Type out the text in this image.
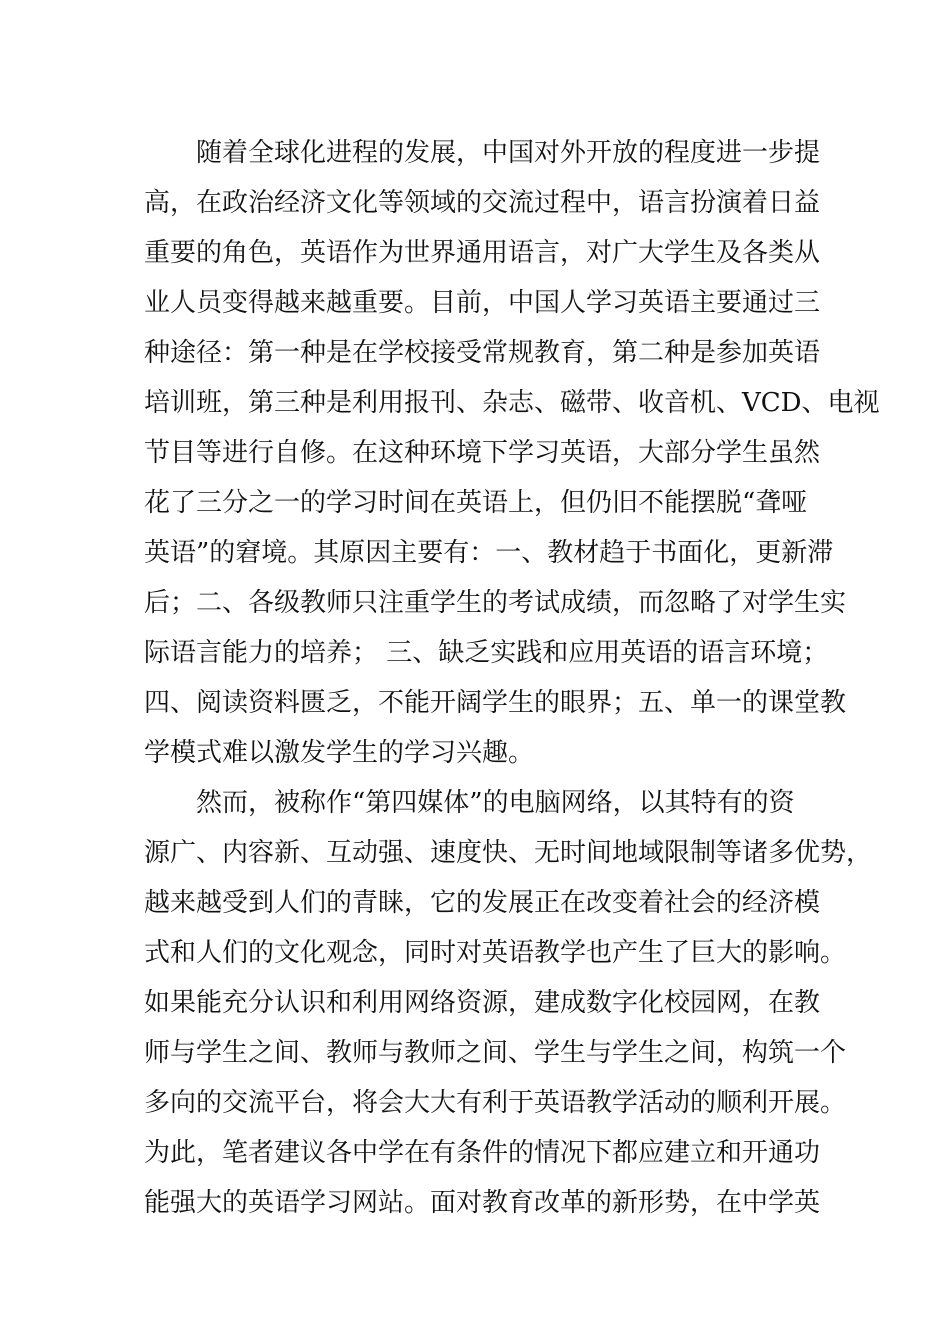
随着全球化进程的发展，中国对外开放的程度进一步提
高，在政治经济文化等领域的交流过程中，语言扮演着日益
重要的角色，英语作为世界通用语言，对广大学生及各类从
业人员变得越来越重要。目前，中国人学习英语主要通过三
种途径：第一种是在学校接受常规教育，第二种是参加英语
培训班，第三种是利用报刊、杂志、磁带、收音机、VCD、电视
节目等进行自修。在这种环境下学习英语，大部分学生虽然
花了三分之一的学习时间在英语上，但仍旧不能摆脱“聋哑
英语”的窘境。其原因主要有：一、教材趋于书面化，更新滞
后；二、各级教师只注重学生的考试成绩，而忽略了对学生实
际语言能力的培养； 三、缺乏实践和应用英语的语言环境；
四、阅读资料匮乏，不能开阔学生的眼界；五、单一的课堂教
学模式难以激发学生的学习兴趣。
然而，被称作“第四媒体”的电脑网络，以其特有的资
源广、内容新、互动强、速度快、无时间地域限制等诸多优势，
越来越受到人们的青睐，它的发展正在改变着社会的经济模
式和人们的文化观念，同时对英语教学也产生了巨大的影响。
如果能充分认识和利用网络资源，建成数字化校园网，在教
师与学生之间、教师与教师之间、学生与学生之间，构筑一个
多向的交流平台，将会大大有利于英语教学活动的顺利开展。
为此，笔者建议各中学在有条件的情况下都应建立和开通功
能强大的英语学习网站。面对教育改革的新形势，在中学英
